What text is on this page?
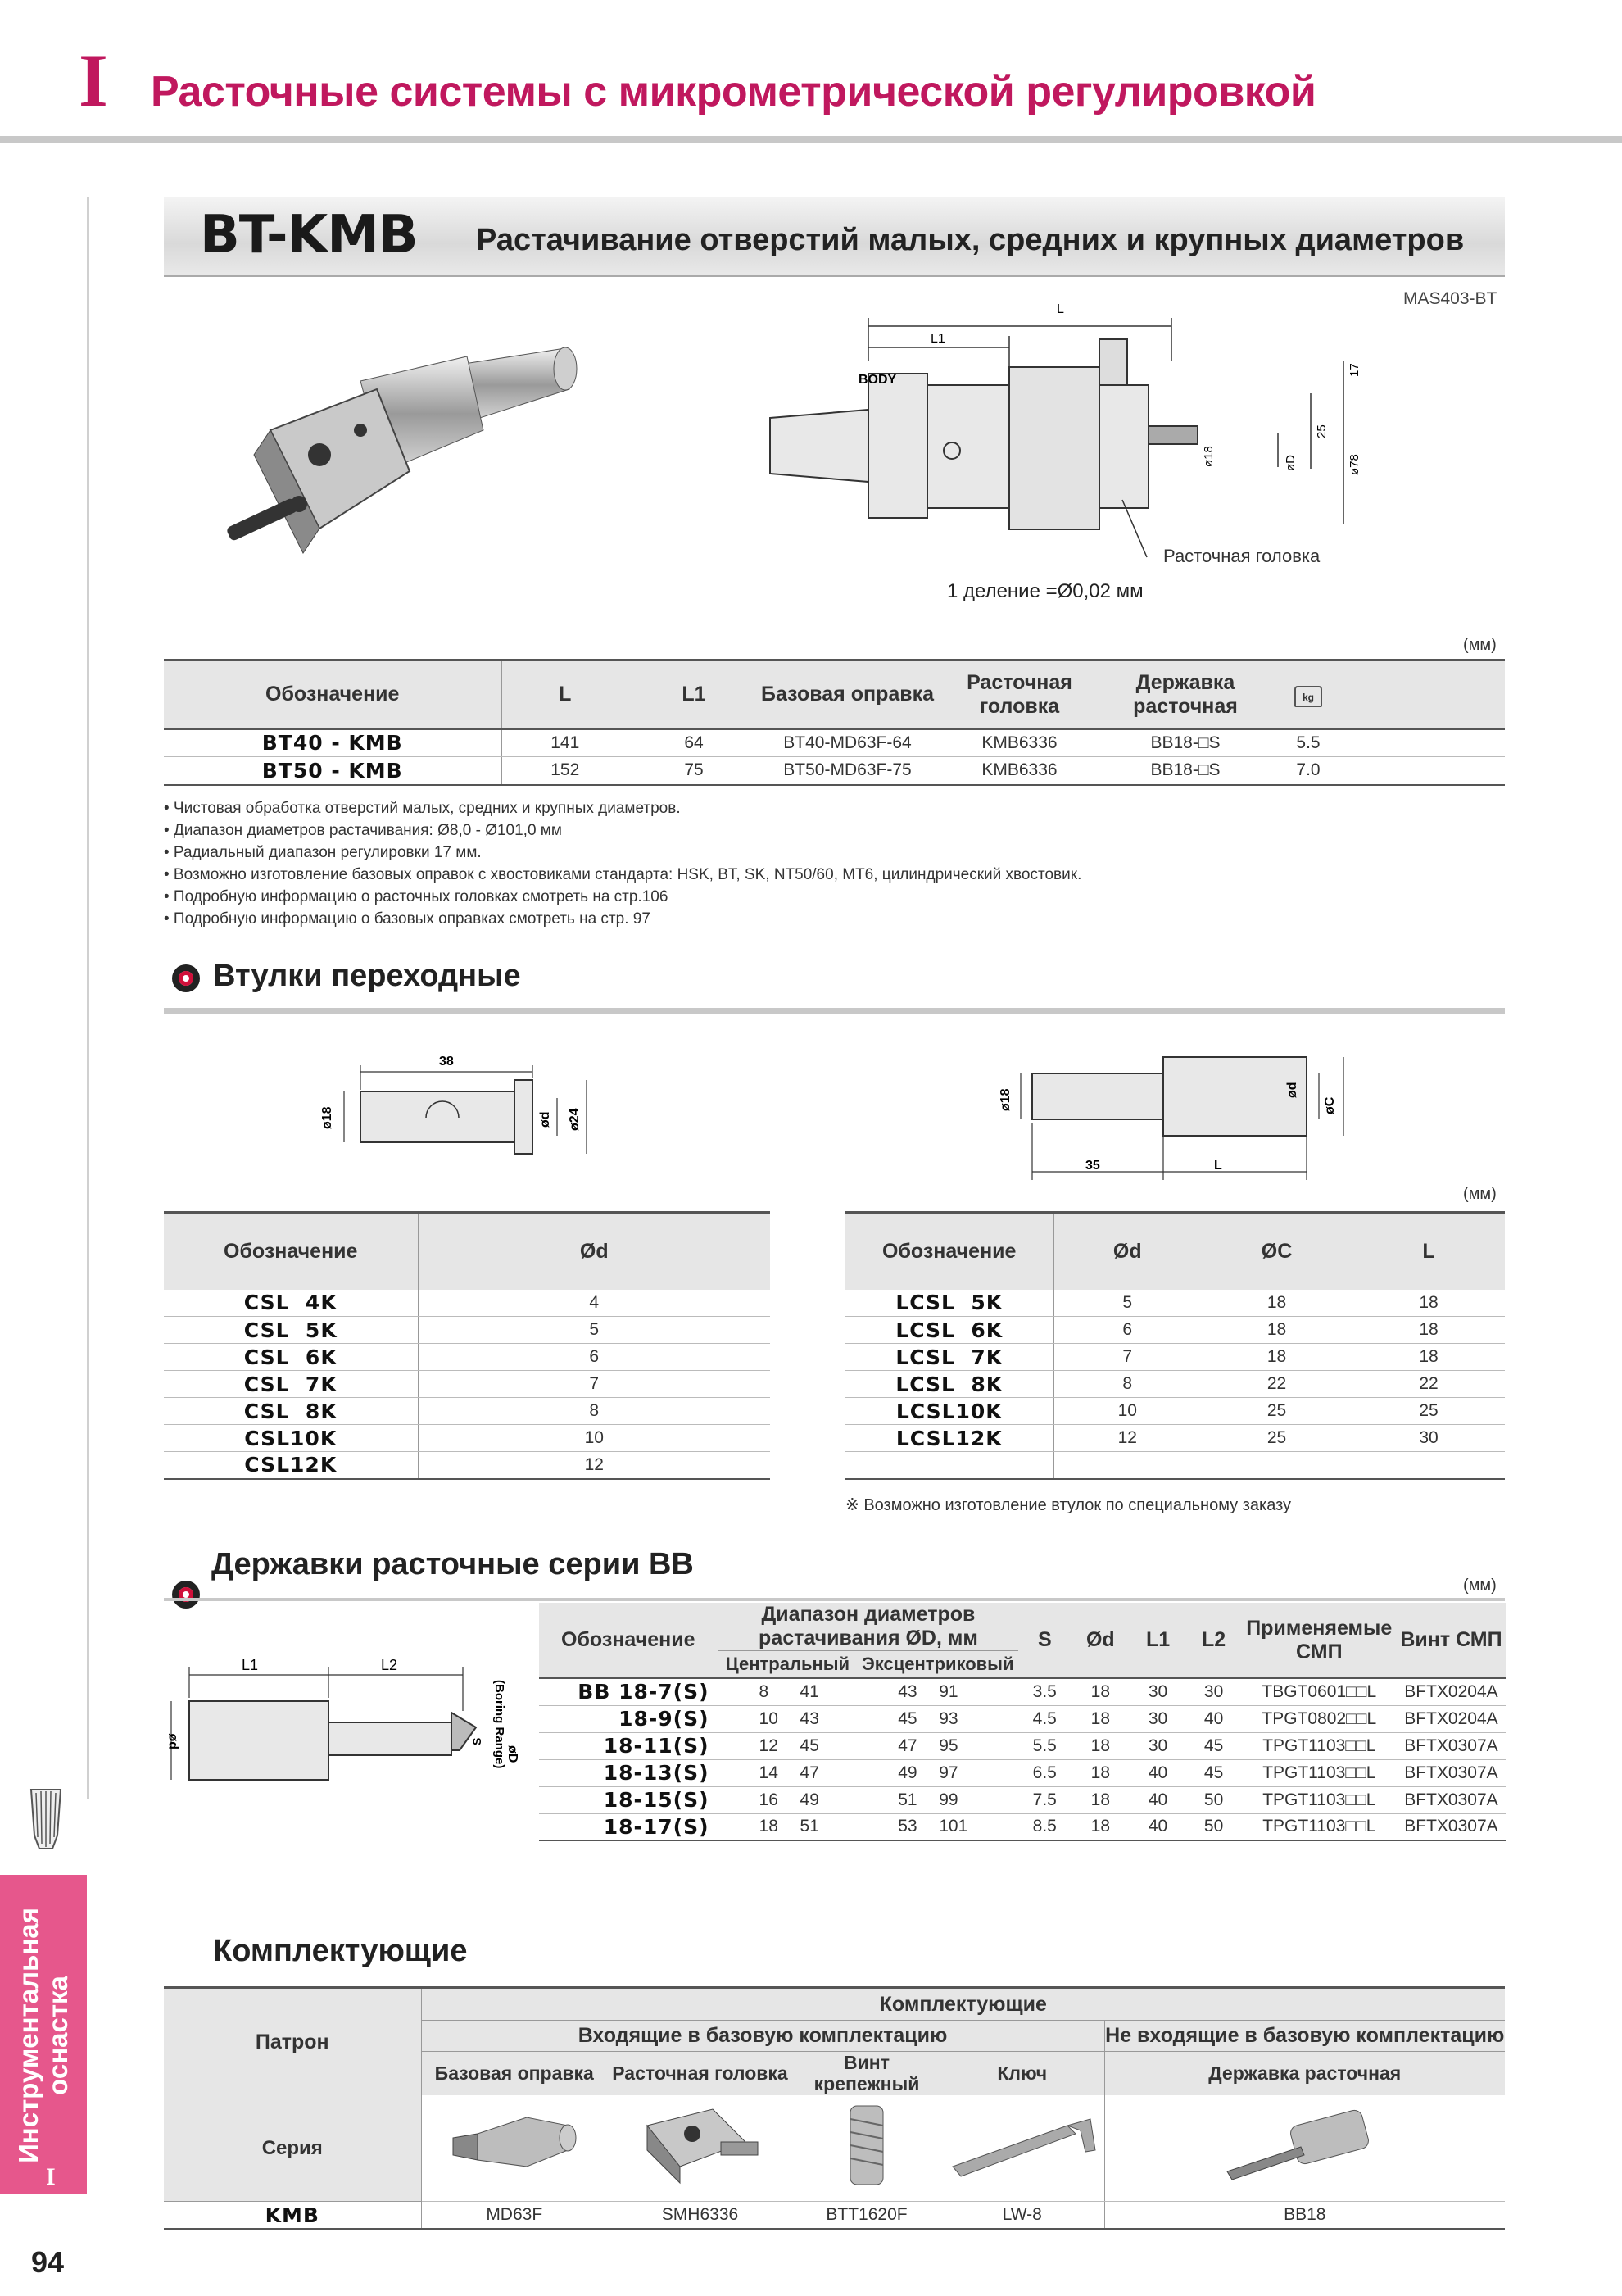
I Расточные системы с микрометрической регулировкой
Инструментальная оснастка
I
94
BT-KMB Растачивание отверстий малых, средних и крупных диаметров
MAS403-BT
L
L1
BODY
17
25
ø18	øD	ø78
Расточная головка
1 деление =Ø0,02 мм
(мм)
Обозначение	L	L1	Базовая оправка	Расточная головка	Державка расточная	kg	
BT40 - KMB	141	64	BT40-MD63F-64	KMB6336	BB18-□S	5.5	
BT50 - KMB	152	75	BT50-MD63F-75	KMB6336	BB18-□S	7.0	
• Чистовая обработка отверстий малых, средних и крупных диаметров.
• Диапазон диаметров растачивания: Ø8,0 - Ø101,0 мм
• Радиальный диапазон регулировки 17 мм.
• Возможно изготовление базовых оправок с хвостовиками стандарта: HSK, BT, SK, NT50/60, MT6, цилиндрический хвостовик.
• Подробную информацию о расточных головках смотреть на стр.106
• Подробную информацию о базовых оправках смотреть на стр. 97
Втулки переходные
38
ø18	ød ø24
35	L
ø18	ød
øC
(мм)
Обозначение	Ød
CSL  4K	4
CSL  5K	5
CSL  6K	6
CSL  7K	7
CSL  8K	8
CSL10K	10
CSL12K	12
Обозначение	Ød	ØC	L
LCSL  5K	5	18	18
LCSL  6K	6	18	18
LCSL  7K	7	18	18
LCSL  8K	8	22	22
LCSL10K	10	25	25
LCSL12K	12	25	30

※ Возможно изготовление втулок по специальному заказу
Державки расточные серии BB
(мм)
L1	L2
pø	S
øD
(Boring Range)
Обозначение	Диапазон диаметров растачивания ØD, мм		S	Ød	L1	L2	Применяемые СМП	Винт СМП
	Центральный	Эксцентриковый						
BB 18-7(S)	8 41	43 91	3.5	18	30	30	TBGT0601□□L	BFTX0204A
18-9(S)	10 43	45 93	4.5	18	30	40	TPGT0802□□L	BFTX0204A
18-11(S)	12 45	47 95	5.5	18	30	45	TPGT1103□□L	BFTX0307A
18-13(S)	14 47	49 97	6.5	18	40	45	TPGT1103□□L	BFTX0307A
18-15(S)	16 49	51 99	7.5	18	40	50	TPGT1103□□L	BFTX0307A
18-17(S)	18 51	53 101	8.5	18	40	50	TPGT1103□□L	BFTX0307A
Комплектующие
Патрон	Комплектующие				
	Входящие в базовую комплектацию				Не входящие в базовую комплектацию
	Базовая оправка	Расточная головка	Винт крепежный	Ключ	Державка расточная
Серия					
KMB	MD63F	SMH6336	BTT1620F	LW-8	BB18
